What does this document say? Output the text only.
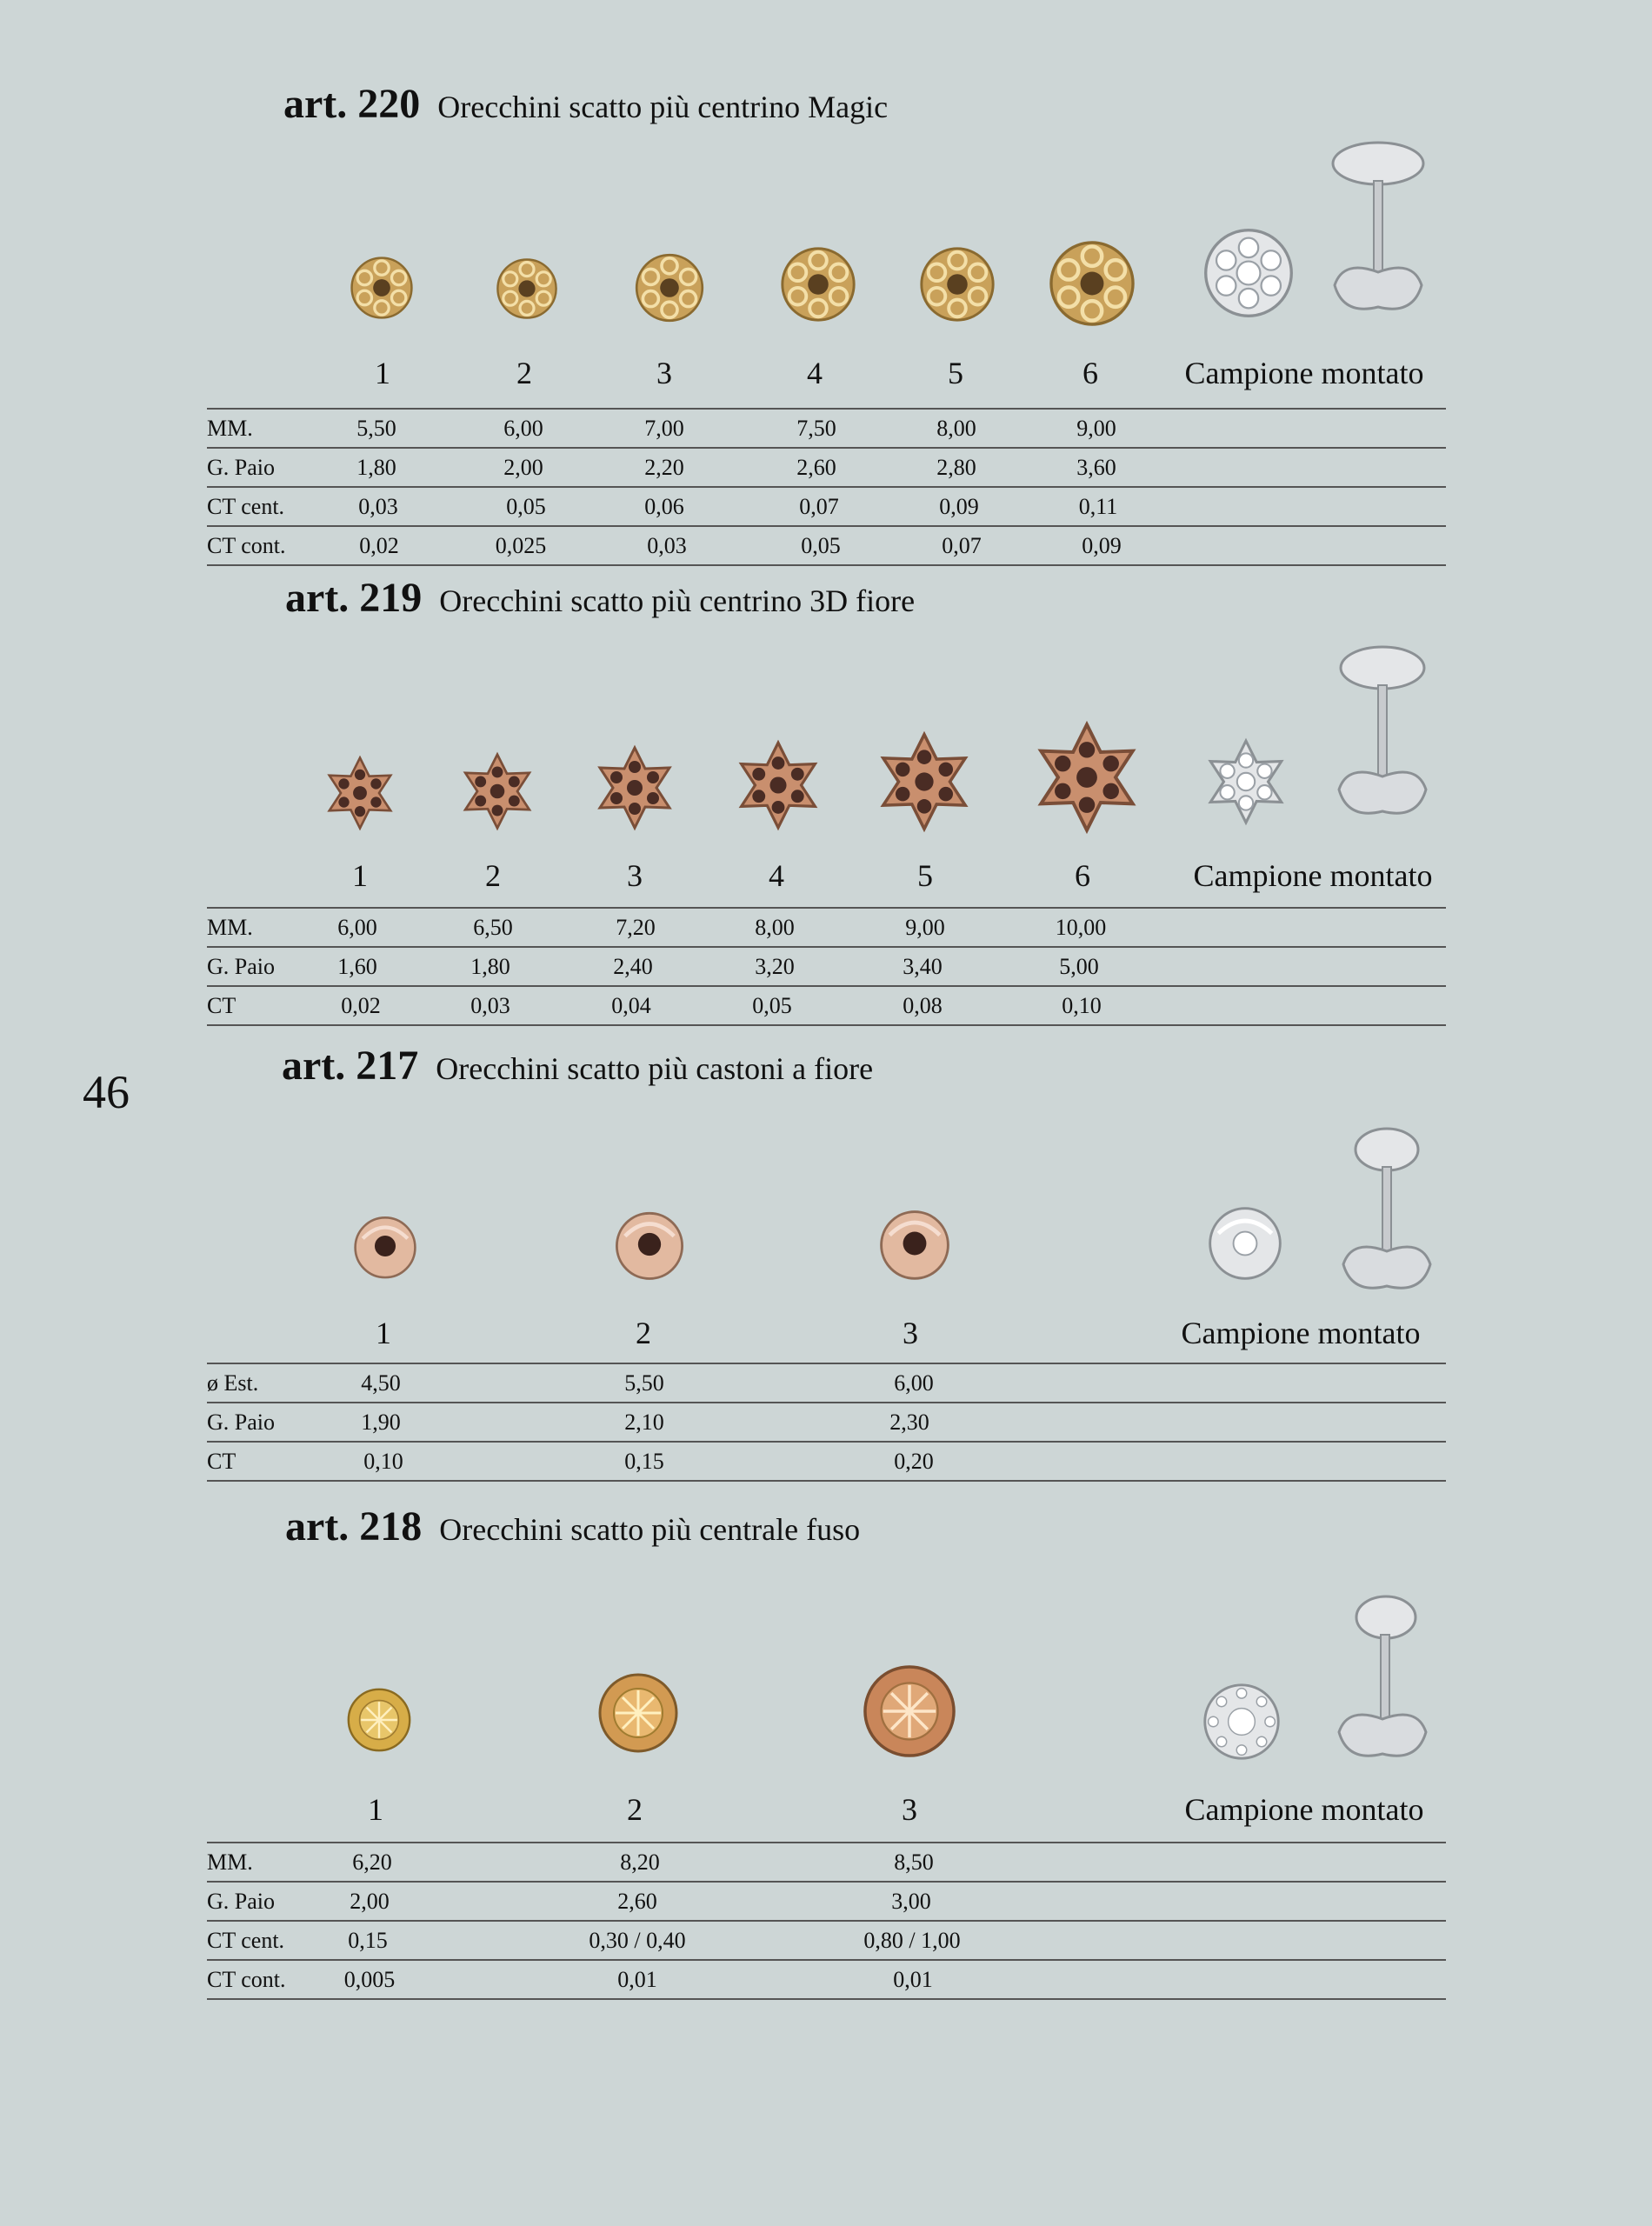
46
art. 220 Orecchini scatto più centrino Magic
1	2	3	4	5	6	Campione montato
MM.	5,50	6,00	7,00	7,50	8,00	9,00
G. Paio	1,80	2,00	2,20	2,60	2,80	3,60
CT cent.	0,03	0,05	0,06	0,07	0,09	0,11
CT cont.	0,02	0,025	0,03	0,05	0,07	0,09
art. 219 Orecchini scatto più centrino 3D fiore
1	2	3	4	5	6	Campione montato
MM.	6,00	6,50	7,20	8,00	9,00	10,00
G. Paio	1,60	1,80	2,40	3,20	3,40	5,00
CT	0,02	0,03	0,04	0,05	0,08	0,10
art. 217 Orecchini scatto più castoni a fiore
1	2	3	Campione montato
ø Est.	4,50	5,50	6,00
G. Paio	1,90	2,10	2,30
CT	0,10	0,15	0,20
art. 218 Orecchini scatto più centrale fuso
1	2	3	Campione montato
MM.	6,20	8,20	8,50
G. Paio	2,00	2,60	3,00
CT cent.	0,15	0,30 / 0,40	0,80 / 1,00
CT cont.	0,005	0,01	0,01
